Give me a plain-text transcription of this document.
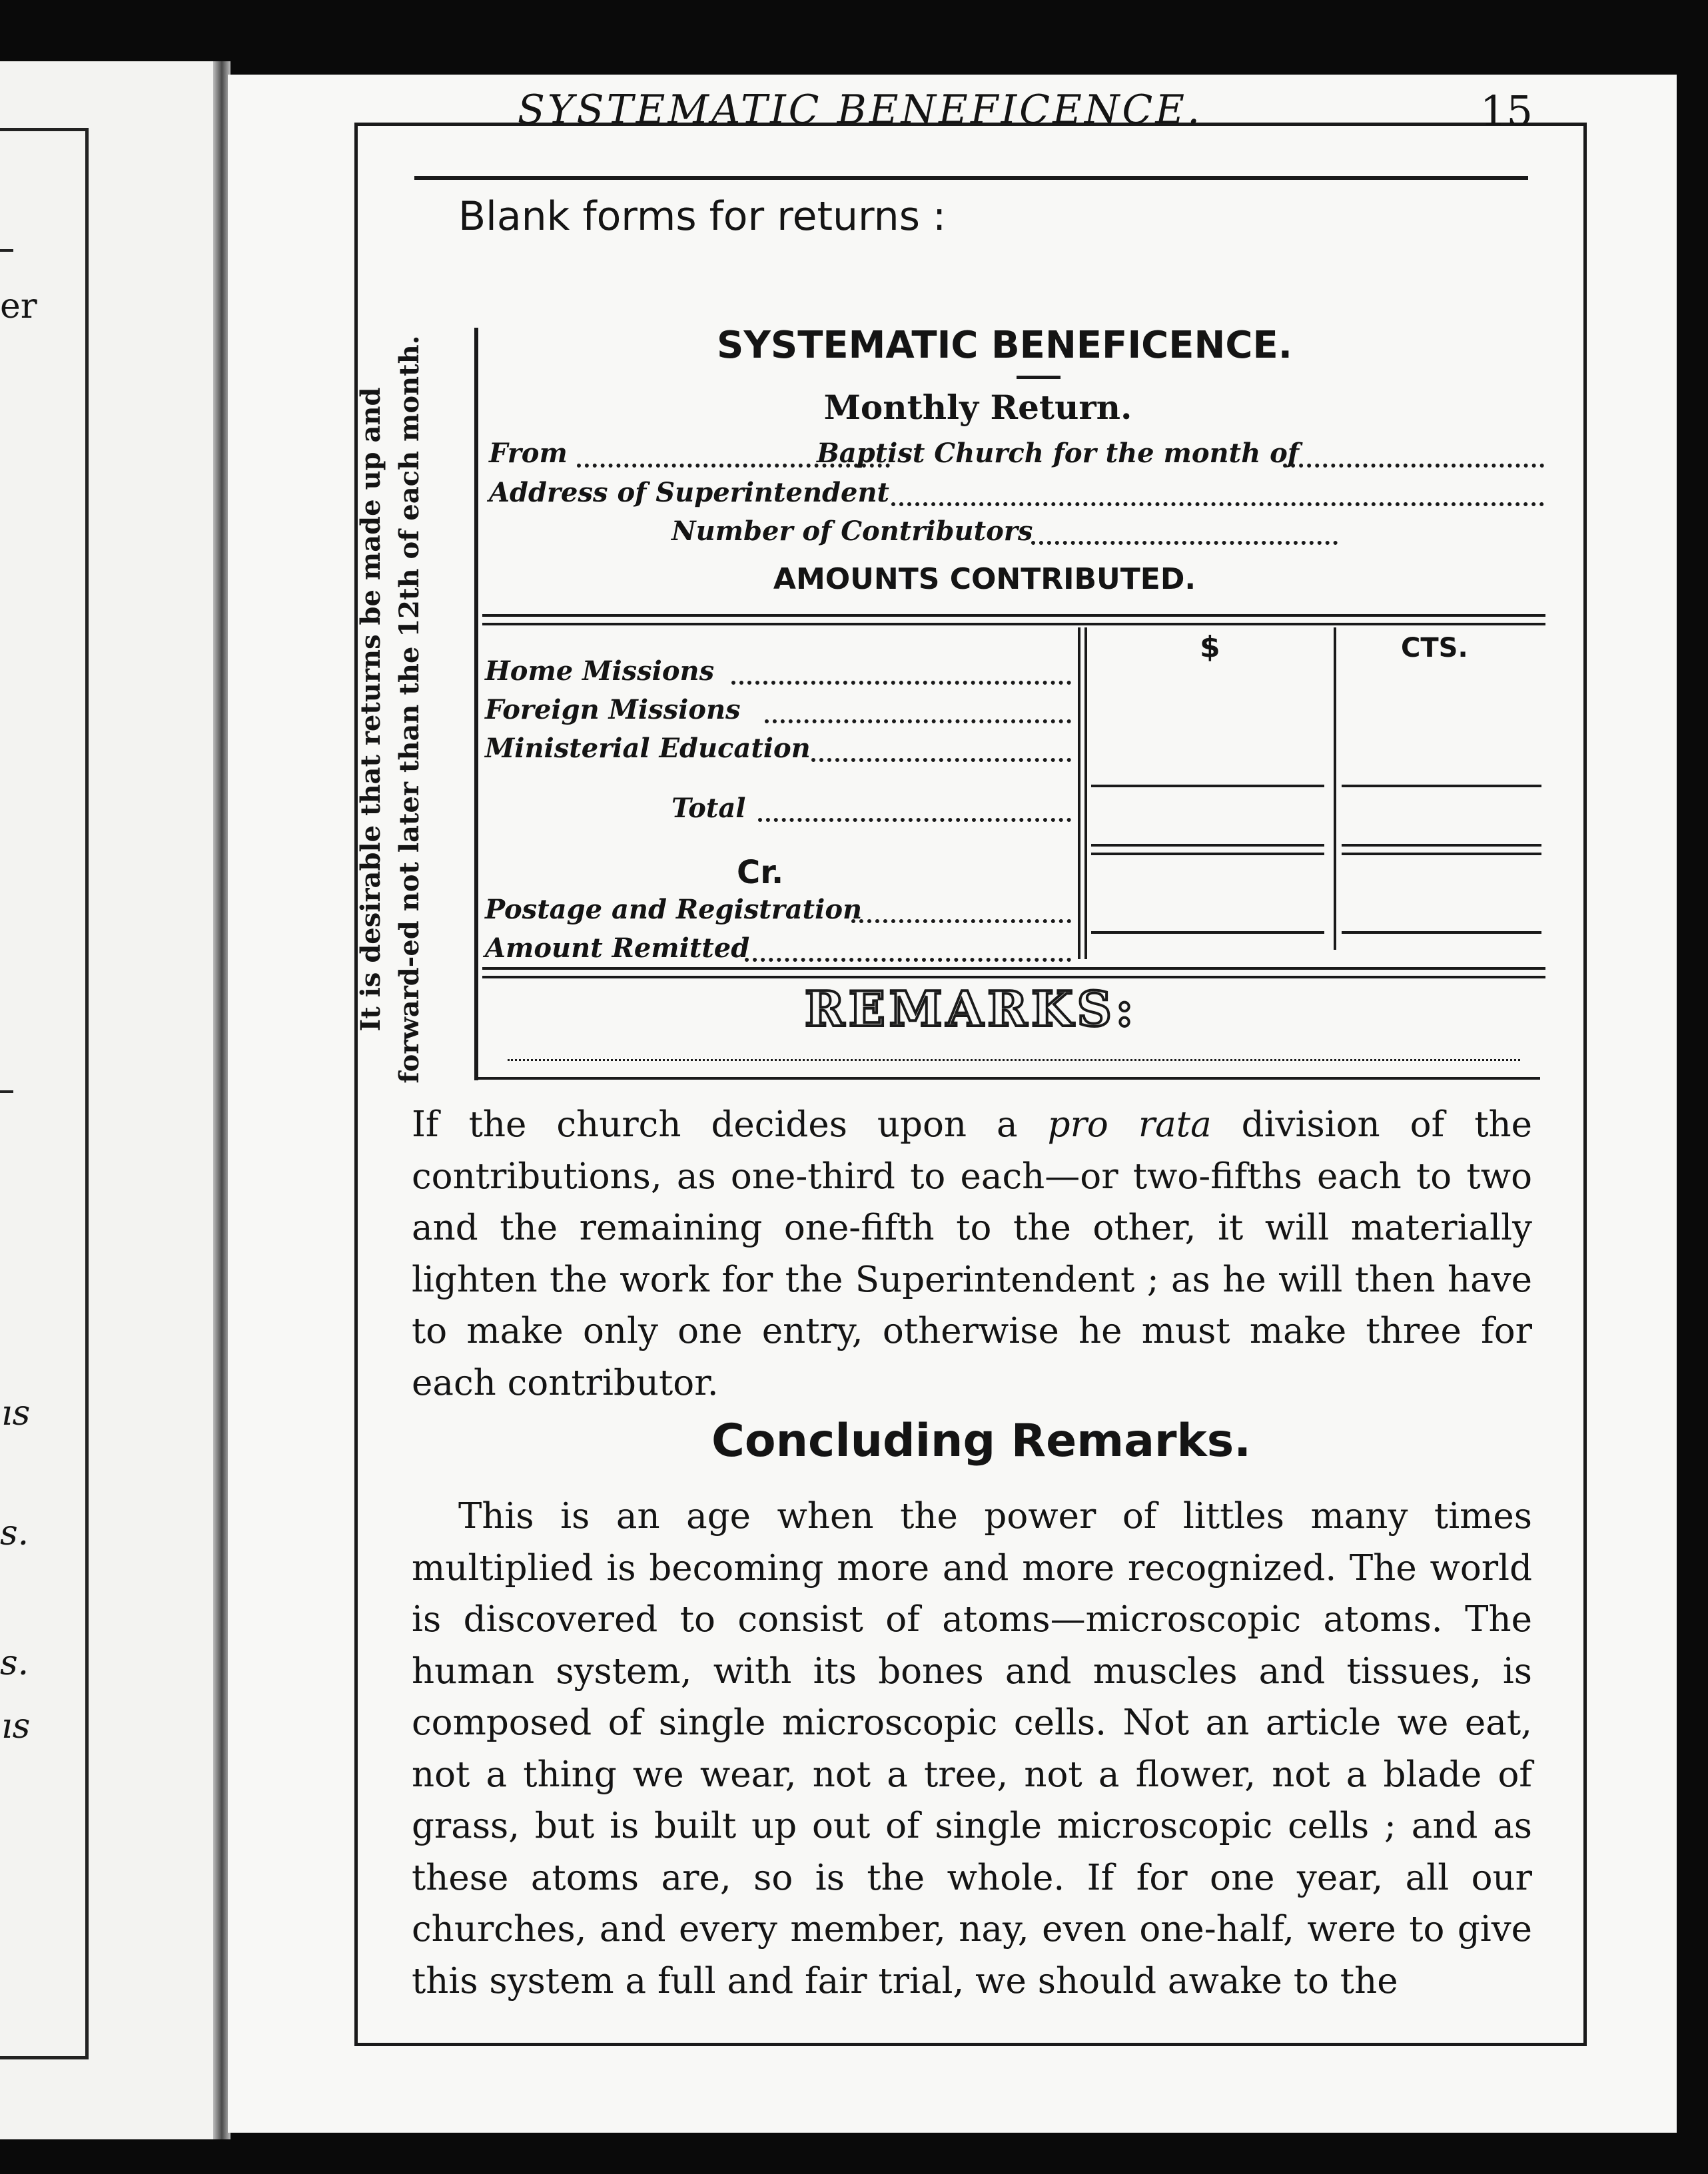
er
ıs
s.
s.
ıs
SYSTEMATIC BENEFICENCE.	15
Blank forms for returns :
It is desirable that returns be made up and forward-ed not later than the 12th of each month.	SYSTEMATIC BENEFICENCE.
Monthly Return.
From	Baptist Church for the month of
Address of Superintendent
Number of Contributors
AMOUNTS CONTRIBUTED.
$	CTS.
Home Missions
Foreign Missions
Ministerial Education
Total
Cr.
Postage and Registration
Amount Remitted
REMARKS:
If the church decides upon a pro rata division of the contributions, as one-third to each—or two-fifths each to two and the remaining one-fifth to the other, it will materially lighten the work for the Superintendent ; as he will then have to make only one entry, otherwise he must make three for each contributor.
Concluding Remarks.
This is an age when the power of littles many times multiplied is becoming more and more recognized. The world is discovered to consist of atoms—microscopic atoms. The human system, with its bones and muscles and tissues, is composed of single microscopic cells. Not an article we eat, not a thing we wear, not a tree, not a flower, not a blade of grass, but is built up out of single microscopic cells ; and as these atoms are, so is the whole. If for one year, all our churches, and every member, nay, even one-half, were to give this system a full and fair trial, we should awake to the
